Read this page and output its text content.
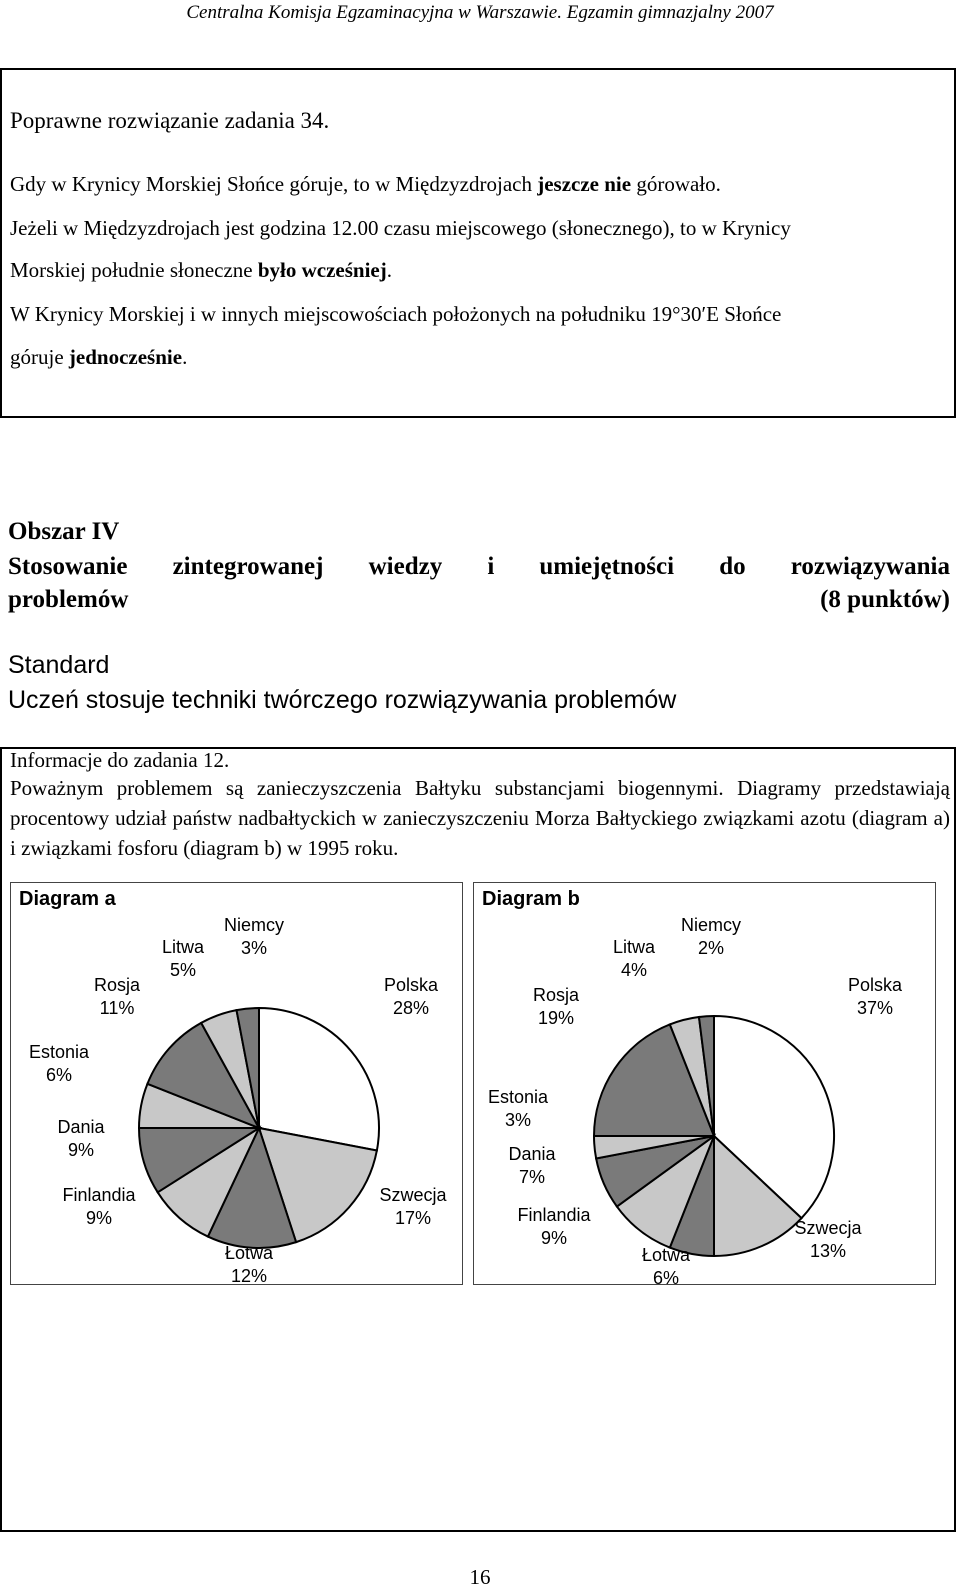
Centralna Komisja Egzaminacyjna w Warszawie. Egzamin gimnazjalny 2007
Poprawne rozwiązanie zadania 34.
Gdy w Krynicy Morskiej Słońce góruje, to w Międzyzdrojach jeszcze nie górowało.
Jeżeli w Międzyzdrojach jest godzina 12.00 czasu miejscowego (słonecznego), to w Krynicy
Morskiej południe słoneczne było wcześniej.
W Krynicy Morskiej i w innych miejscowościach położonych na południku 19°30′E Słońce
góruje jednocześnie.
Obszar IV
Stosowanie zintegrowanej wiedzy i umiejętności do rozwiązywania
problemów	(8 punktów)
Standard
Uczeń stosuje techniki twórczego rozwiązywania problemów
Informacje do zadania 12.
Poważnym problemem są zanieczyszczenia Bałtyku substancjami biogennymi. Diagramy przedstawiają procentowy udział państw nadbałtyckich w zanieczyszczeniu Morza Bałtyckiego związkami azotu (diagram a) i związkami fosforu (diagram b) w 1995 roku.
Diagram a
Polska
28%
Szwecja
17%
Łotwa
12%
Finlandia
9%
Dania
9%
Estonia
6%
Rosja
11%
Litwa
5%
Niemcy
3%
Diagram b
Polska
37%
Szwecja
13%
Łotwa
6%
Finlandia
9%
Dania
7%
Estonia
3%
Rosja
19%
Litwa
4%
Niemcy
2%
16
